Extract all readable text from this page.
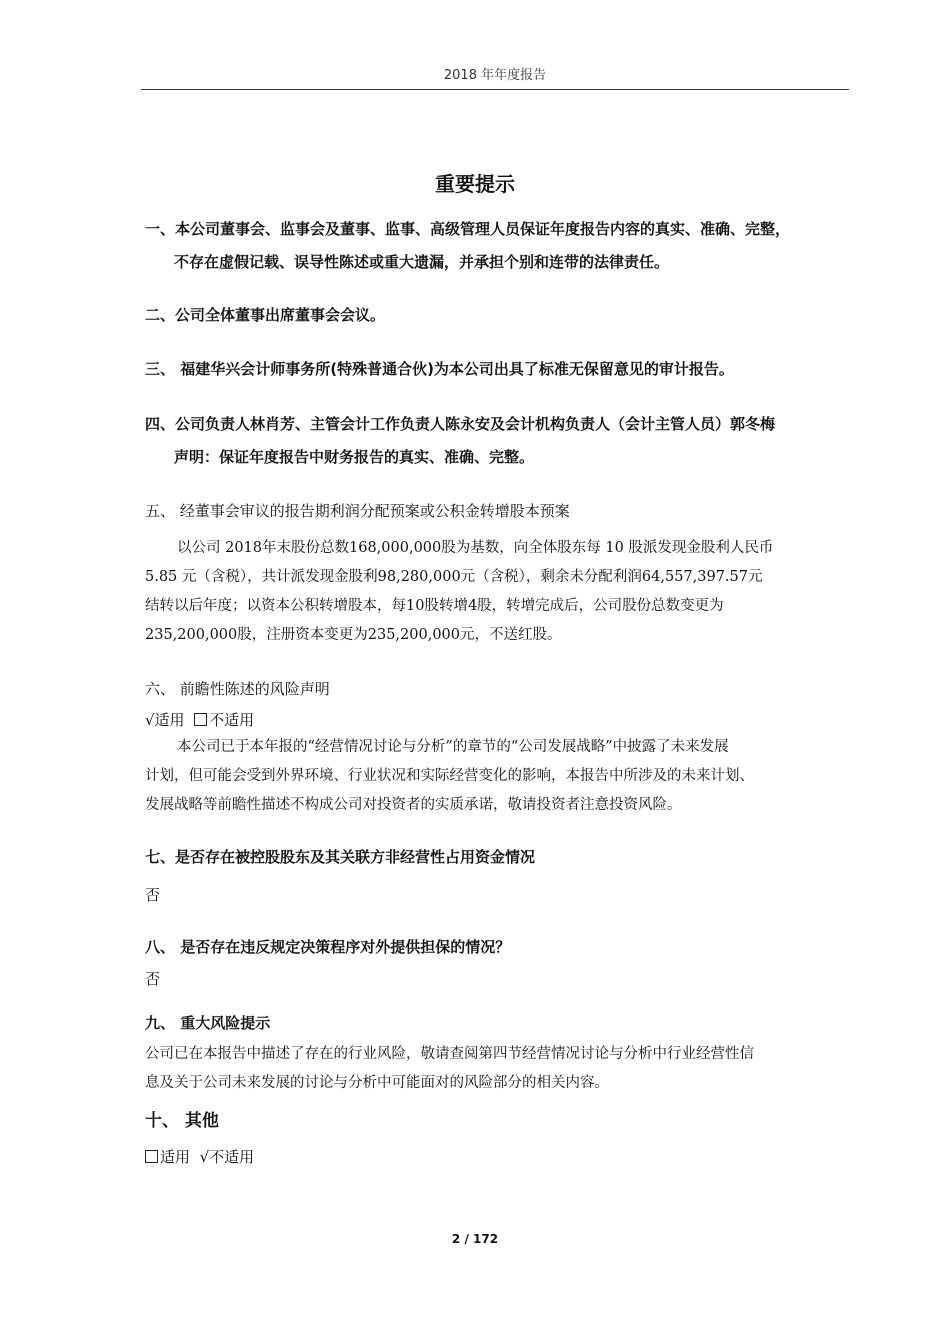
2018 年年度报告
重要提示
一、本公司董事会、监事会及董事、监事、高级管理人员保证年度报告内容的真实、准确、完整，
不存在虚假记载、误导性陈述或重大遗漏，并承担个别和连带的法律责任。
二、公司全体董事出席董事会会议。
三、 福建华兴会计师事务所(特殊普通合伙)为本公司出具了标准无保留意见的审计报告。
四、公司负责人林肖芳、主管会计工作负责人陈永安及会计机构负责人（会计主管人员）郭冬梅
声明：保证年度报告中财务报告的真实、准确、完整。
五、 经董事会审议的报告期利润分配预案或公积金转增股本预案
以公司 2018年末股份总数168,000,000股为基数，向全体股东每 10 股派发现金股利人民币
5.85 元（含税），共计派发现金股利98,280,000元（含税），剩余未分配利润64,557,397.57元
结转以后年度；以资本公积转增股本，每10股转增4股，转增完成后，公司股份总数变更为
235,200,000股，注册资本变更为235,200,000元，不送红股。
六、 前瞻性陈述的风险声明
√适用 不适用
本公司已于本年报的“经营情况讨论与分析”的章节的“公司发展战略”中披露了未来发展
计划，但可能会受到外界环境、行业状况和实际经营变化的影响，本报告中所涉及的未来计划、
发展战略等前瞻性描述不构成公司对投资者的实质承诺，敬请投资者注意投资风险。
七、是否存在被控股股东及其关联方非经营性占用资金情况
否
八、 是否存在违反规定决策程序对外提供担保的情况？
否
九、 重大风险提示
公司已在本报告中描述了存在的行业风险，敬请查阅第四节经营情况讨论与分析中行业经营性信
息及关于公司未来发展的讨论与分析中可能面对的风险部分的相关内容。
十、 其他
适用 √不适用
2 / 172
